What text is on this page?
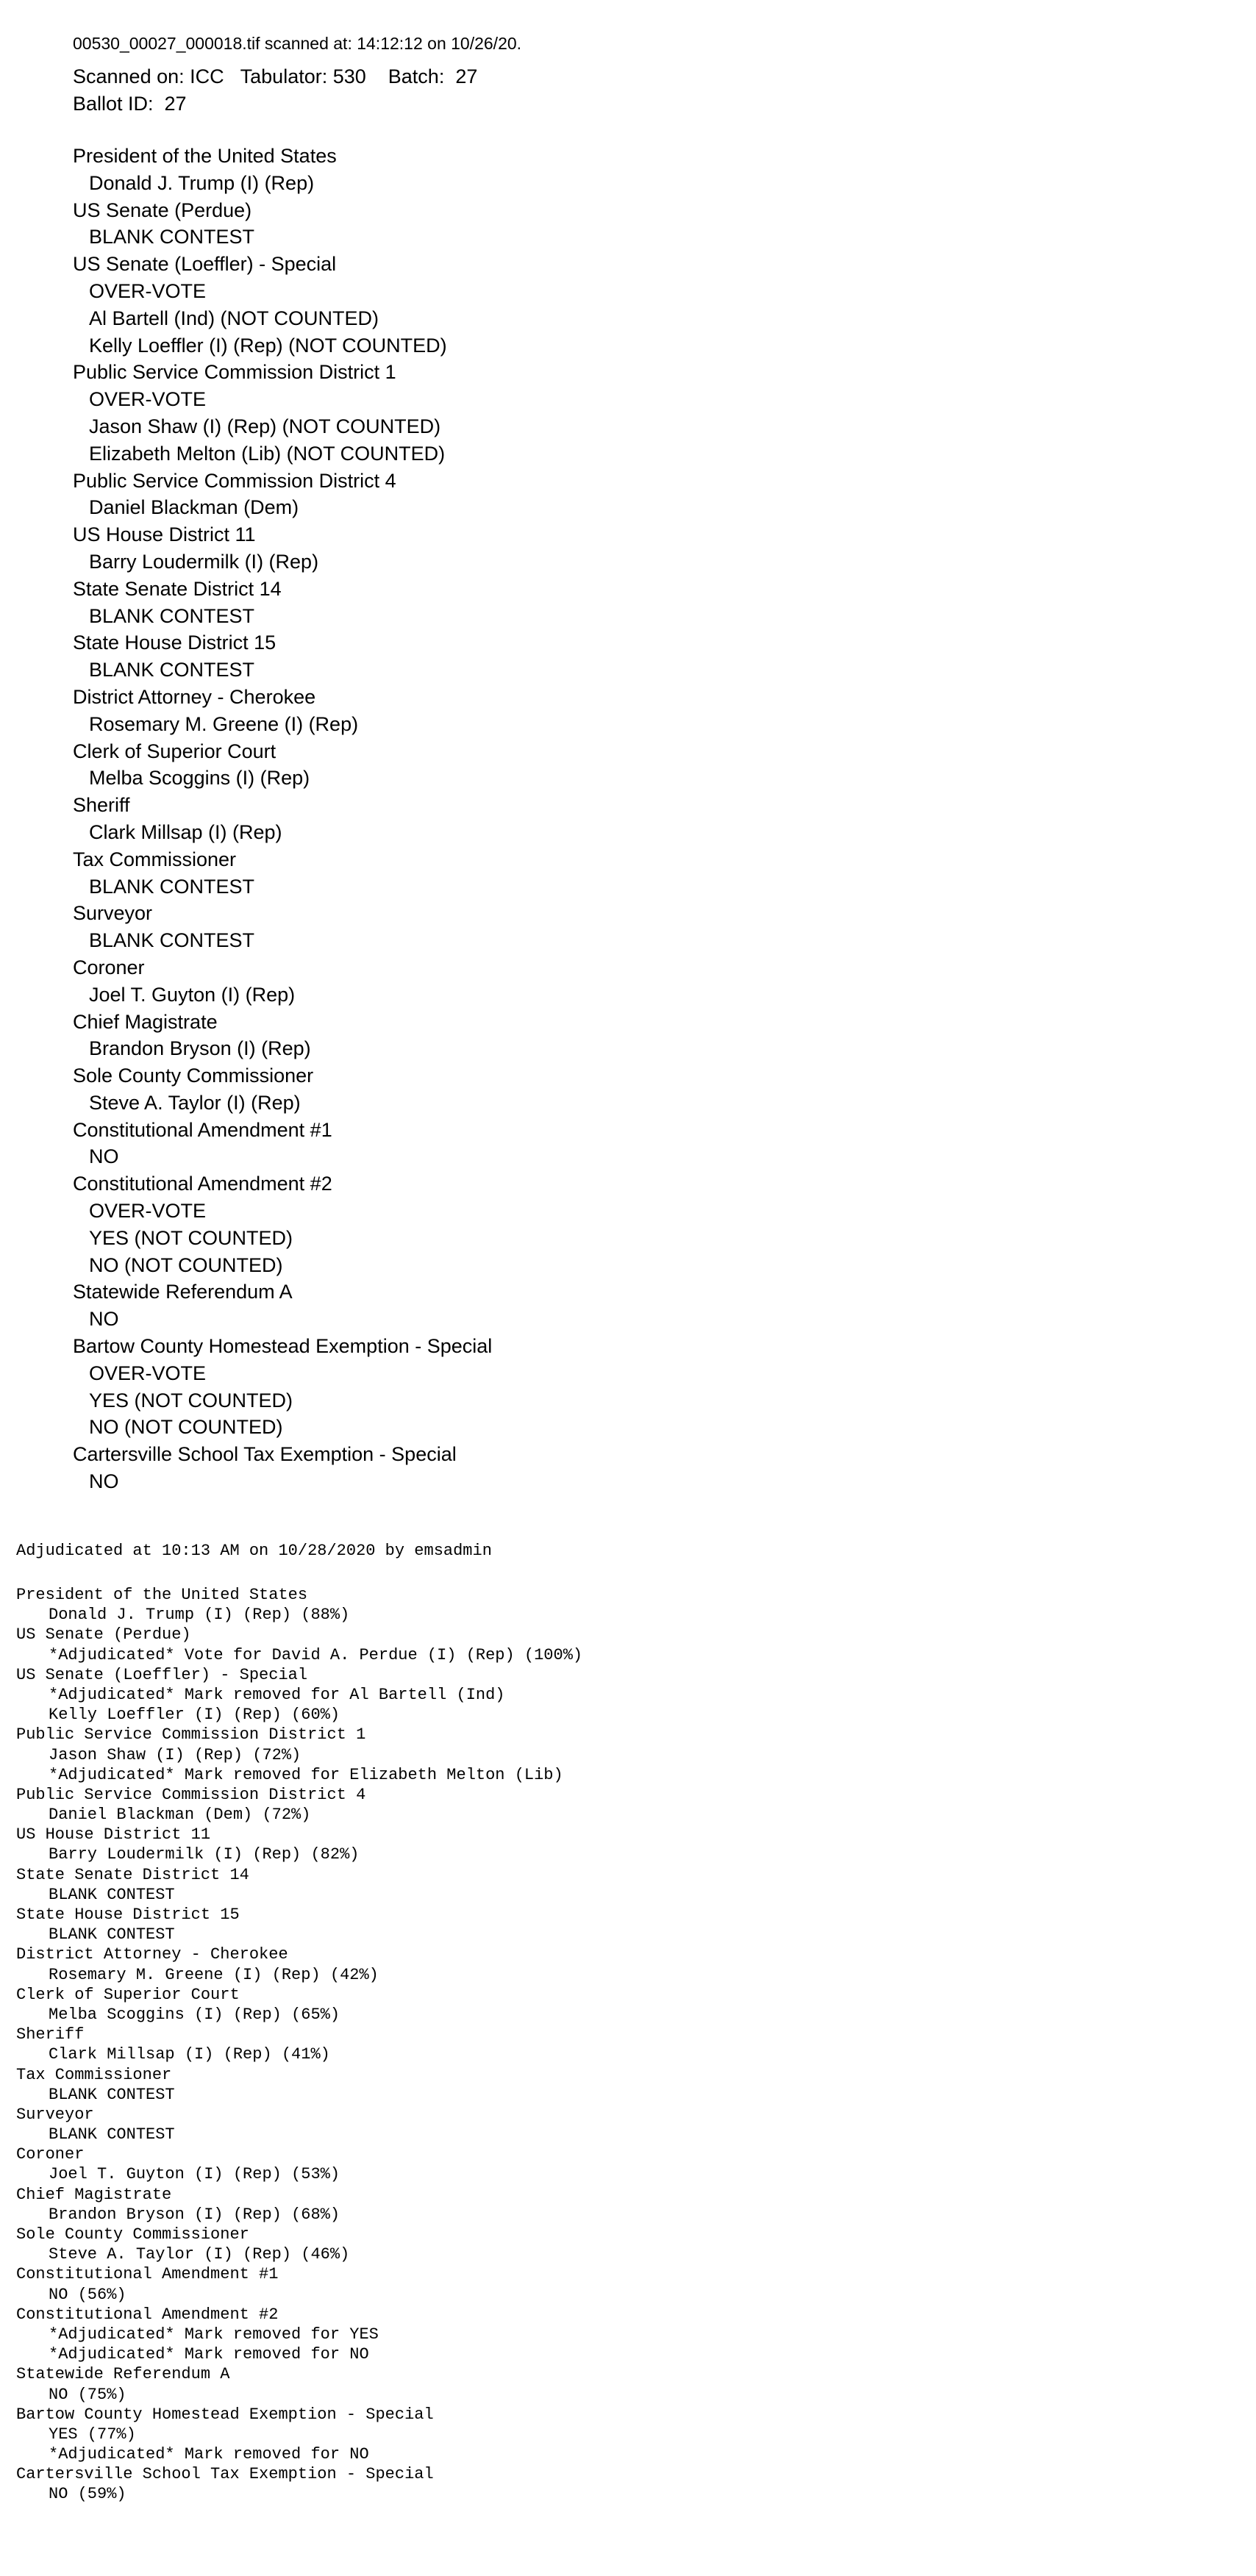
00530_00027_000018.tif scanned at: 14:12:12 on 10/26/20.
Scanned on: ICC   Tabulator: 530    Batch:  27
Ballot ID:  27
President of the United States
Donald J. Trump (I) (Rep)
US Senate (Perdue)
BLANK CONTEST
US Senate (Loeffler) - Special
OVER-VOTE
Al Bartell (Ind) (NOT COUNTED)
Kelly Loeffler (I) (Rep) (NOT COUNTED)
Public Service Commission District 1
OVER-VOTE
Jason Shaw (I) (Rep) (NOT COUNTED)
Elizabeth Melton (Lib) (NOT COUNTED)
Public Service Commission District 4
Daniel Blackman (Dem)
US House District 11
Barry Loudermilk (I) (Rep)
State Senate District 14
BLANK CONTEST
State House District 15
BLANK CONTEST
District Attorney - Cherokee
Rosemary M. Greene (I) (Rep)
Clerk of Superior Court
Melba Scoggins (I) (Rep)
Sheriff
Clark Millsap (I) (Rep)
Tax Commissioner
BLANK CONTEST
Surveyor
BLANK CONTEST
Coroner
Joel T. Guyton (I) (Rep)
Chief Magistrate
Brandon Bryson (I) (Rep)
Sole County Commissioner
Steve A. Taylor (I) (Rep)
Constitutional Amendment #1
NO
Constitutional Amendment #2
OVER-VOTE
YES (NOT COUNTED)
NO (NOT COUNTED)
Statewide Referendum A
NO
Bartow County Homestead Exemption - Special
OVER-VOTE
YES (NOT COUNTED)
NO (NOT COUNTED)
Cartersville School Tax Exemption - Special
NO
Adjudicated at 10:13 AM on 10/28/2020 by emsadmin
President of the United States
Donald J. Trump (I) (Rep) (88%)
US Senate (Perdue)
*Adjudicated* Vote for David A. Perdue (I) (Rep) (100%)
US Senate (Loeffler) - Special
*Adjudicated* Mark removed for Al Bartell (Ind)
Kelly Loeffler (I) (Rep) (60%)
Public Service Commission District 1
Jason Shaw (I) (Rep) (72%)
*Adjudicated* Mark removed for Elizabeth Melton (Lib)
Public Service Commission District 4
Daniel Blackman (Dem) (72%)
US House District 11
Barry Loudermilk (I) (Rep) (82%)
State Senate District 14
BLANK CONTEST
State House District 15
BLANK CONTEST
District Attorney - Cherokee
Rosemary M. Greene (I) (Rep) (42%)
Clerk of Superior Court
Melba Scoggins (I) (Rep) (65%)
Sheriff
Clark Millsap (I) (Rep) (41%)
Tax Commissioner
BLANK CONTEST
Surveyor
BLANK CONTEST
Coroner
Joel T. Guyton (I) (Rep) (53%)
Chief Magistrate
Brandon Bryson (I) (Rep) (68%)
Sole County Commissioner
Steve A. Taylor (I) (Rep) (46%)
Constitutional Amendment #1
NO (56%)
Constitutional Amendment #2
*Adjudicated* Mark removed for YES
*Adjudicated* Mark removed for NO
Statewide Referendum A
NO (75%)
Bartow County Homestead Exemption - Special
YES (77%)
*Adjudicated* Mark removed for NO
Cartersville School Tax Exemption - Special
NO (59%)
